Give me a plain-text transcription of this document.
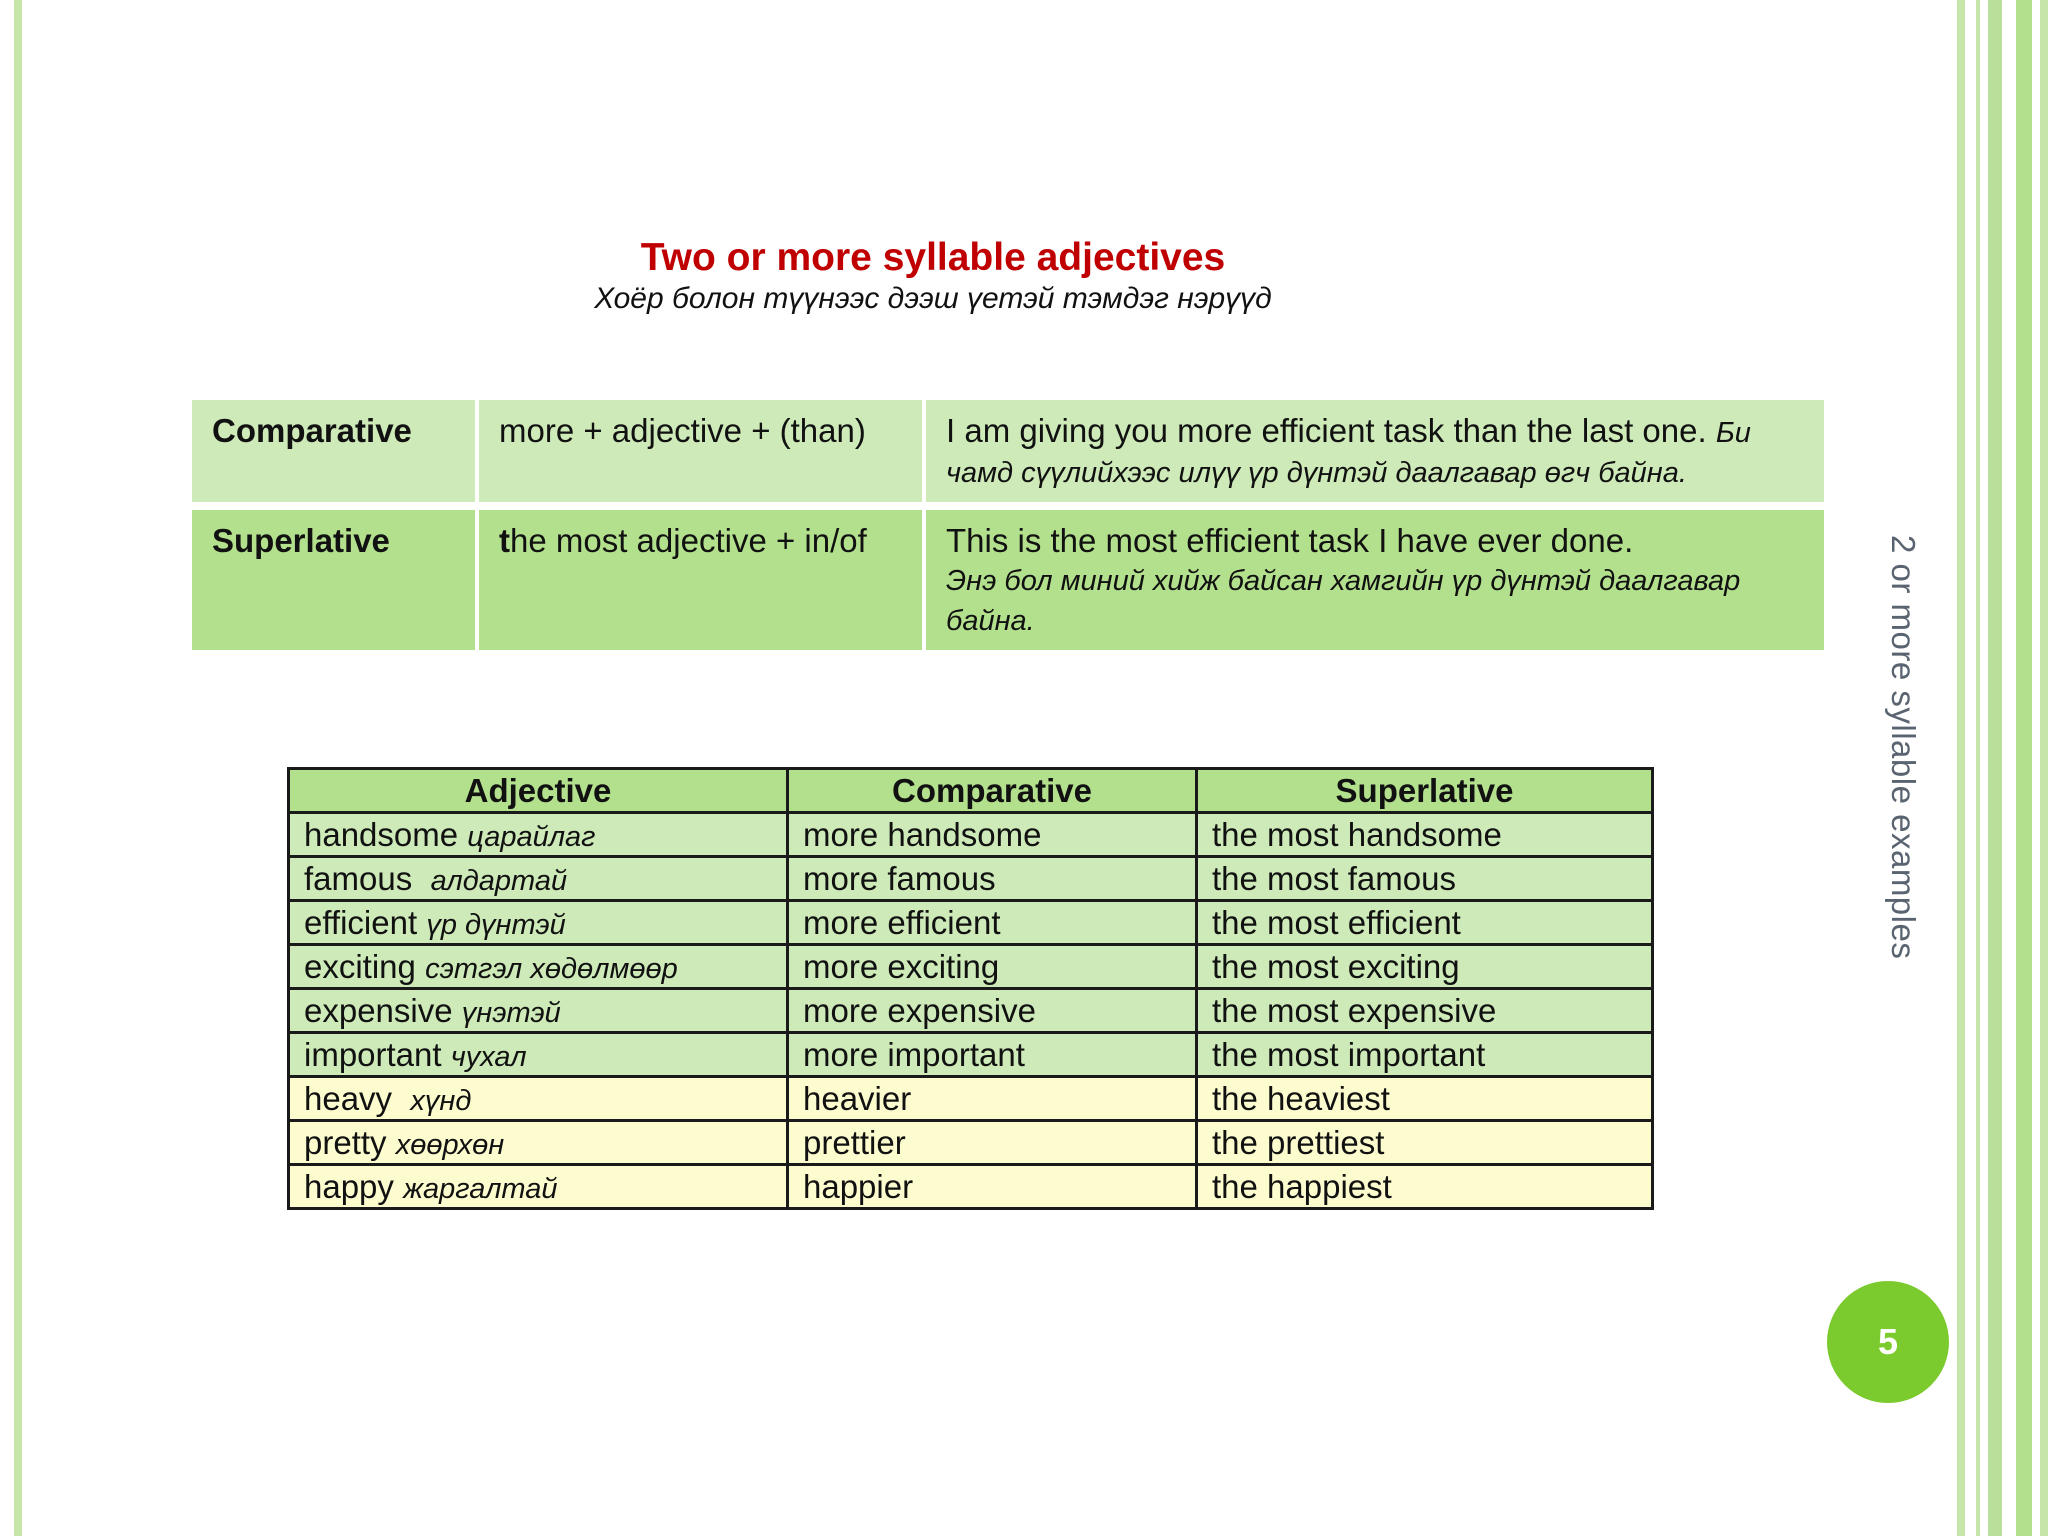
Two or more syllable adjectives
Хоёр болон түүнээс дээш үетэй тэмдэг нэрүүд
Comparative	more + adjective + (than)	I am giving you more efficient task than the last one. Би чамд сүүлийхээс илүү үр дүнтэй даалгавар өгч байна.
Superlative	the most adjective + in/of	This is the most efficient task I have ever done.
Энэ бол миний хийж байсан хамгийн үр дүнтэй даалгавар байна.
Adjective	Comparative	Superlative
handsome царайлаг	more handsome	the most handsome
famous алдартай	more famous	the most famous
efficient үр дүнтэй	more efficient	the most efficient
exciting сэтгэл хөдөлмөөр	more exciting	the most exciting
expensive үнэтэй	more expensive	the most expensive
important чухал	more important	the most important
heavy хүнд	heavier	the heaviest
pretty хөөрхөн	prettier	the prettiest
happy жаргалтай	happier	the happiest
2 or more syllable examples
5
